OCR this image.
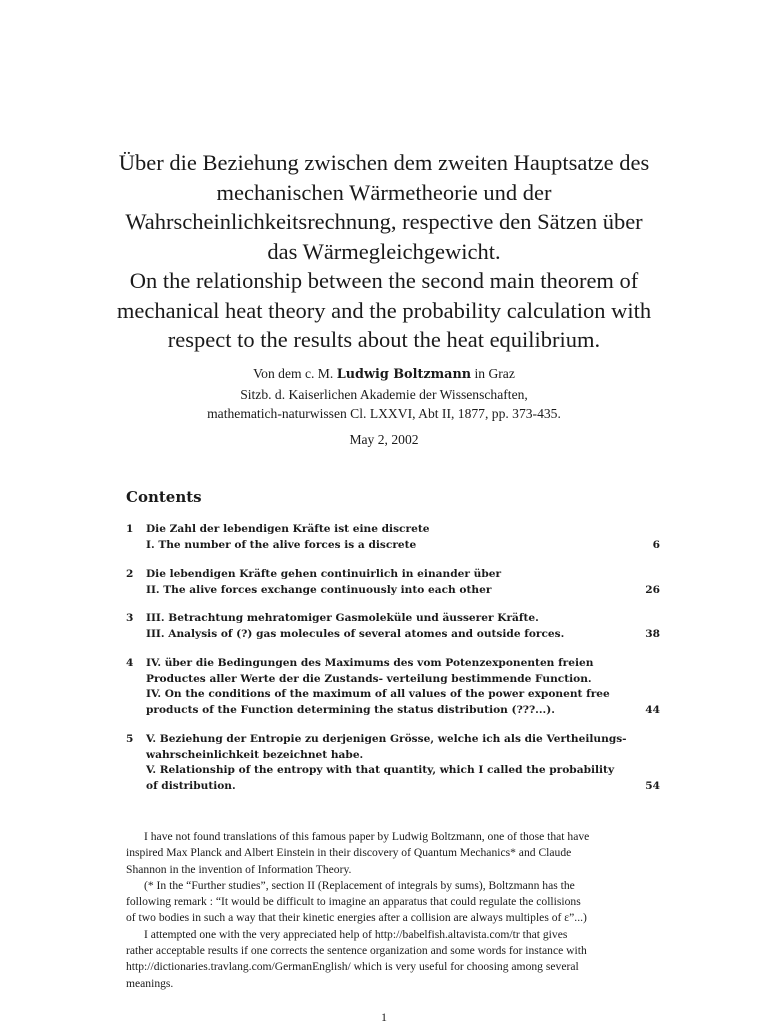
Über die Beziehung zwischen dem zweiten Hauptsatze des
mechanischen Wärmetheorie und der
Wahrscheinlichkeitsrechnung, respective den Sätzen über
das Wärmegleichgewicht.
On the relationship between the second main theorem of
mechanical heat theory and the probability calculation with
respect to the results about the heat equilibrium.
Von dem c. M. Ludwig Boltzmann in Graz
Sitzb. d. Kaiserlichen Akademie der Wissenschaften,
mathematich-naturwissen Cl. LXXVI, Abt II, 1877, pp. 373-435.
May 2, 2002
Contents
1 Die Zahl der lebendigen Kräfte ist eine discrete
I. The number of the alive forces is a discrete	6
2 Die lebendigen Kräfte gehen continuirlich in einander über
II. The alive forces exchange continuously into each other	26
3 III. Betrachtung mehratomiger Gasmoleküle und äusserer Kräfte.
III. Analysis of (?) gas molecules of several atomes and outside forces.	38
4 IV. über die Bedingungen des Maximums des vom Potenzexponenten freien
Productes aller Werte der die Zustands- verteilung bestimmende Function.
IV. On the conditions of the maximum of all values of the power exponent free
products of the Function determining the status distribution (???...).	44
5 V. Beziehung der Entropie zu derjenigen Grösse, welche ich als die Vertheilungs-
wahrscheinlichkeit bezeichnet habe.
V. Relationship of the entropy with that quantity, which I called the probability
of distribution.	54
I have not found translations of this famous paper by Ludwig Boltzmann, one of those that have
inspired Max Planck and Albert Einstein in their discovery of Quantum Mechanics* and Claude
Shannon in the invention of Information Theory.
(* In the “Further studies”, section II (Replacement of integrals by sums), Boltzmann has the
following remark : “It would be difficult to imagine an apparatus that could regulate the collisions
of two bodies in such a way that their kinetic energies after a collision are always multiples of ε”...)
I attempted one with the very appreciated help of http://babelfish.altavista.com/tr that gives
rather acceptable results if one corrects the sentence organization and some words for instance with
http://dictionaries.travlang.com/GermanEnglish/ which is very useful for choosing among several
meanings.
1
